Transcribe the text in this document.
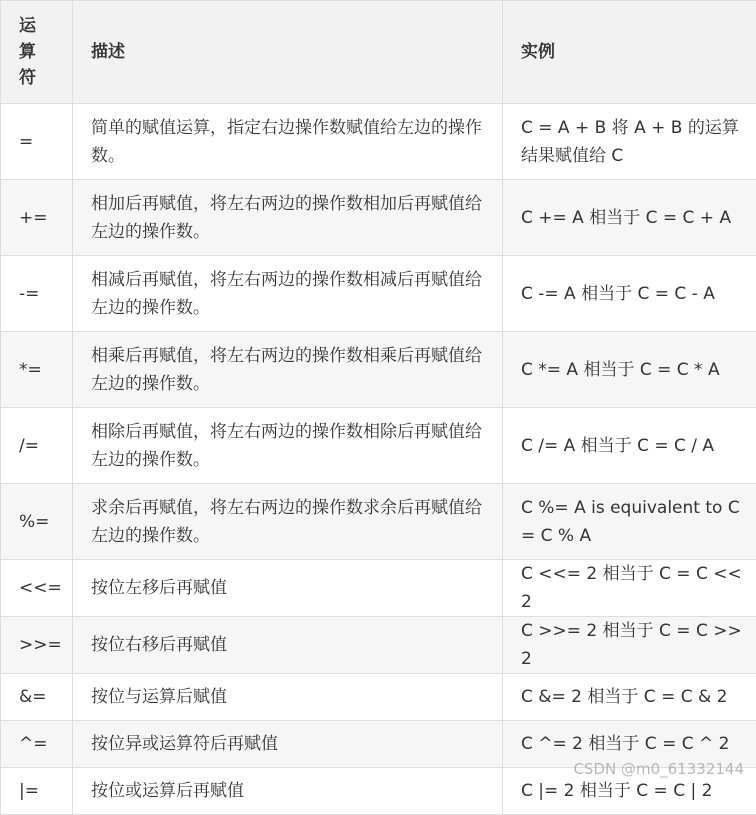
运算符	描述	实例
=	简单的赋值运算，指定右边操作数赋值给左边的操作数。	C = A + B 将 A + B 的运算结果赋值给 C
+=	相加后再赋值，将左右两边的操作数相加后再赋值给左边的操作数。	C += A 相当于 C = C + A
-=	相减后再赋值，将左右两边的操作数相减后再赋值给左边的操作数。	C -= A 相当于 C = C - A
*=	相乘后再赋值，将左右两边的操作数相乘后再赋值给左边的操作数。	C *= A 相当于 C = C * A
/=	相除后再赋值，将左右两边的操作数相除后再赋值给左边的操作数。	C /= A 相当于 C = C / A
%=	求余后再赋值，将左右两边的操作数求余后再赋值给左边的操作数。	C %= A is equivalent to C = C % A
<<=	按位左移后再赋值	C <<= 2 相当于 C = C << 2
>>=	按位右移后再赋值	C >>= 2 相当于 C = C >> 2
&=	按位与运算后赋值	C &= 2 相当于 C = C & 2
^=	按位异或运算符后再赋值	C ^= 2 相当于 C = C ^ 2
|=	按位或运算后再赋值	C |= 2 相当于 C = C | 2
CSDN @m0_61332144
